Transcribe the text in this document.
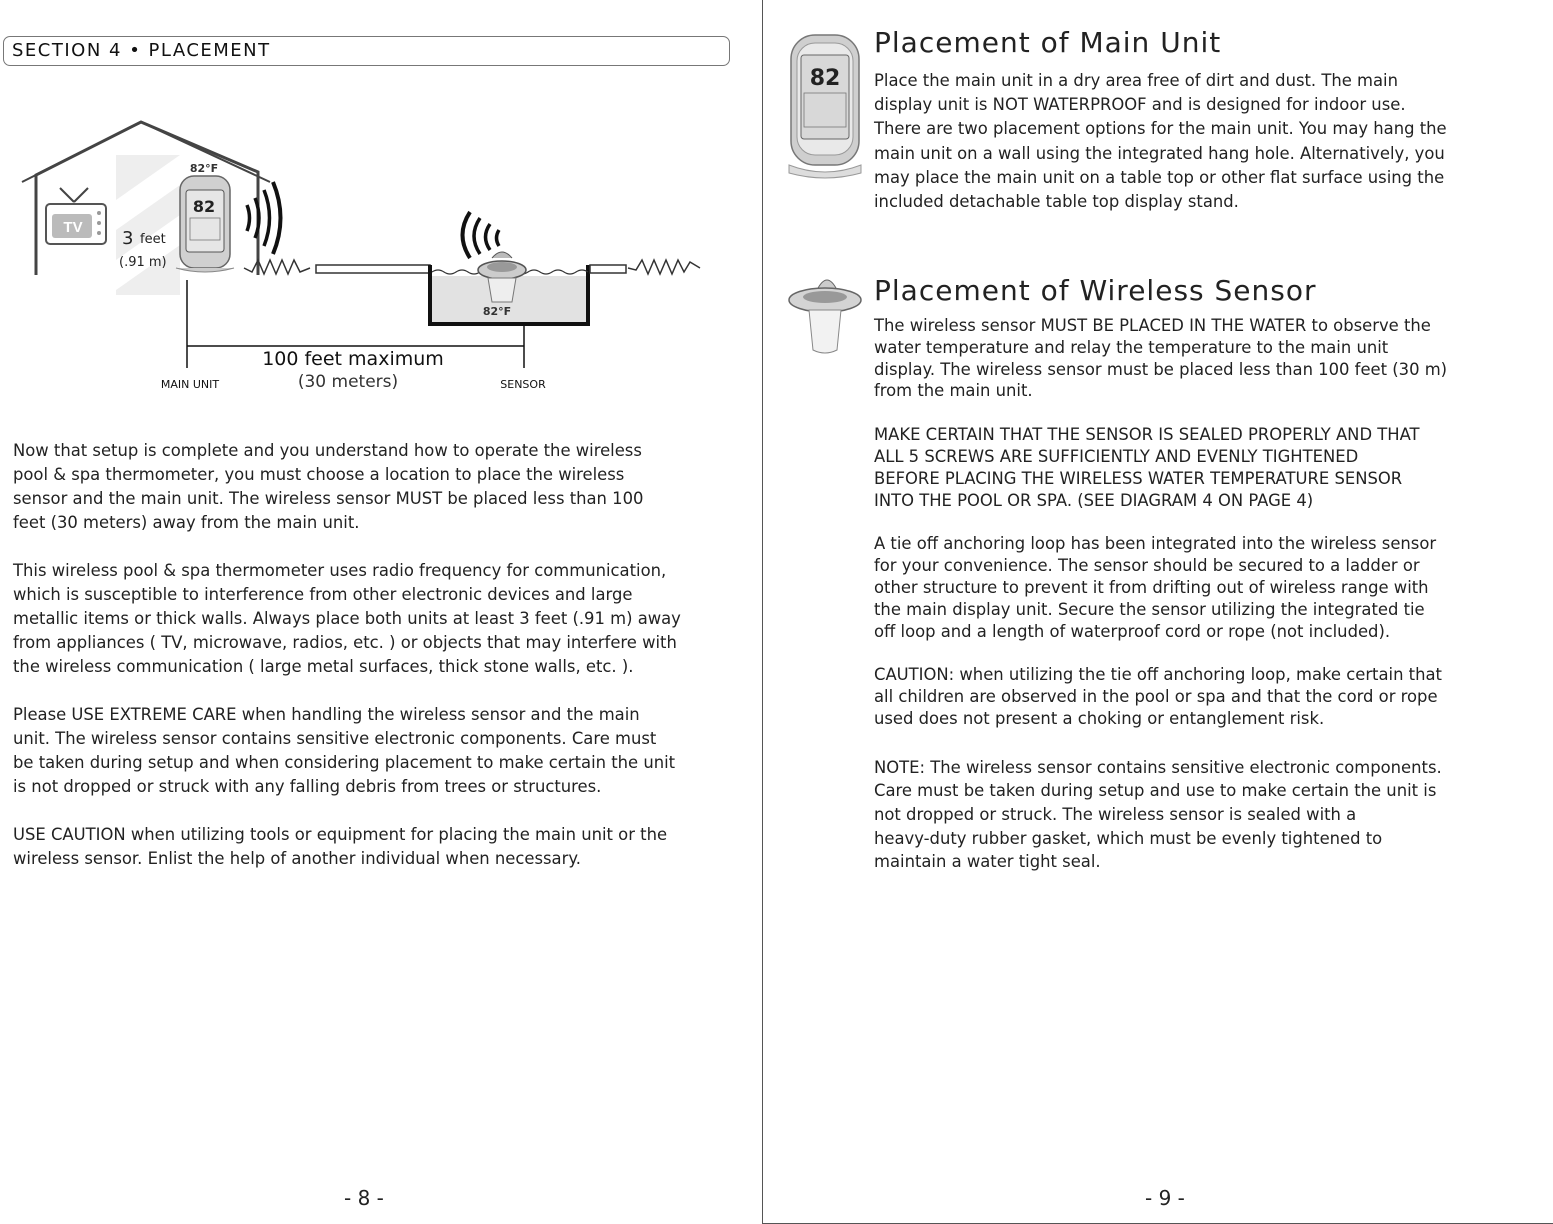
SECTION 4 • PLACEMENT
TV
3 feet
(.91 m)
82°F
82
82°F
100 feet maximum
(30 meters)
MAIN UNIT	SENSOR

Now that setup is complete and you understand how to operate the wireless
pool & spa thermometer, you must choose a location to place the wireless
sensor and the main unit. The wireless sensor MUST be placed less than 100
feet (30 meters) away from the main unit.

This wireless pool & spa thermometer uses radio frequency for communication,
which is susceptible to interference from other electronic devices and large
metallic items or thick walls. Always place both units at least 3 feet (.91 m) away
from appliances ( TV, microwave, radios, etc. ) or objects that may interfere with
the wireless communication ( large metal surfaces, thick stone walls, etc. ).

Please USE EXTREME CARE when handling the wireless sensor and the main
unit. The wireless sensor contains sensitive electronic components. Care must
be taken during setup and when considering placement to make certain the unit
is not dropped or struck with any falling debris from trees or structures.

USE CAUTION when utilizing tools or equipment for placing the main unit or the
wireless sensor. Enlist the help of another individual when necessary.

- 8 -
82
Placement of Main Unit

Place the main unit in a dry area free of dirt and dust. The main
display unit is NOT WATERPROOF and is designed for indoor use.
There are two placement options for the main unit. You may hang the
main unit on a wall using the integrated hang hole. Alternatively, you
may place the main unit on a table top or other flat surface using the
included detachable table top display stand.

Placement of Wireless Sensor

The wireless sensor MUST BE PLACED IN THE WATER to observe the
water temperature and relay the temperature to the main unit
display. The wireless sensor must be placed less than 100 feet (30 m)
from the main unit.

MAKE CERTAIN THAT THE SENSOR IS SEALED PROPERLY AND THAT
ALL 5 SCREWS ARE SUFFICIENTLY AND EVENLY TIGHTENED
BEFORE PLACING THE WIRELESS WATER TEMPERATURE SENSOR
INTO THE POOL OR SPA. (SEE DIAGRAM 4 ON PAGE 4)

A tie off anchoring loop has been integrated into the wireless sensor
for your convenience. The sensor should be secured to a ladder or
other structure to prevent it from drifting out of wireless range with
the main display unit. Secure the sensor utilizing the integrated tie
off loop and a length of waterproof cord or rope (not included).

CAUTION: when utilizing the tie off anchoring loop, make certain that
all children are observed in the pool or spa and that the cord or rope
used does not present a choking or entanglement risk.

NOTE: The wireless sensor contains sensitive electronic components.
Care must be taken during setup and use to make certain the unit is
not dropped or struck. The wireless sensor is sealed with a
heavy-duty rubber gasket, which must be evenly tightened to
maintain a water tight seal.

- 9 -
